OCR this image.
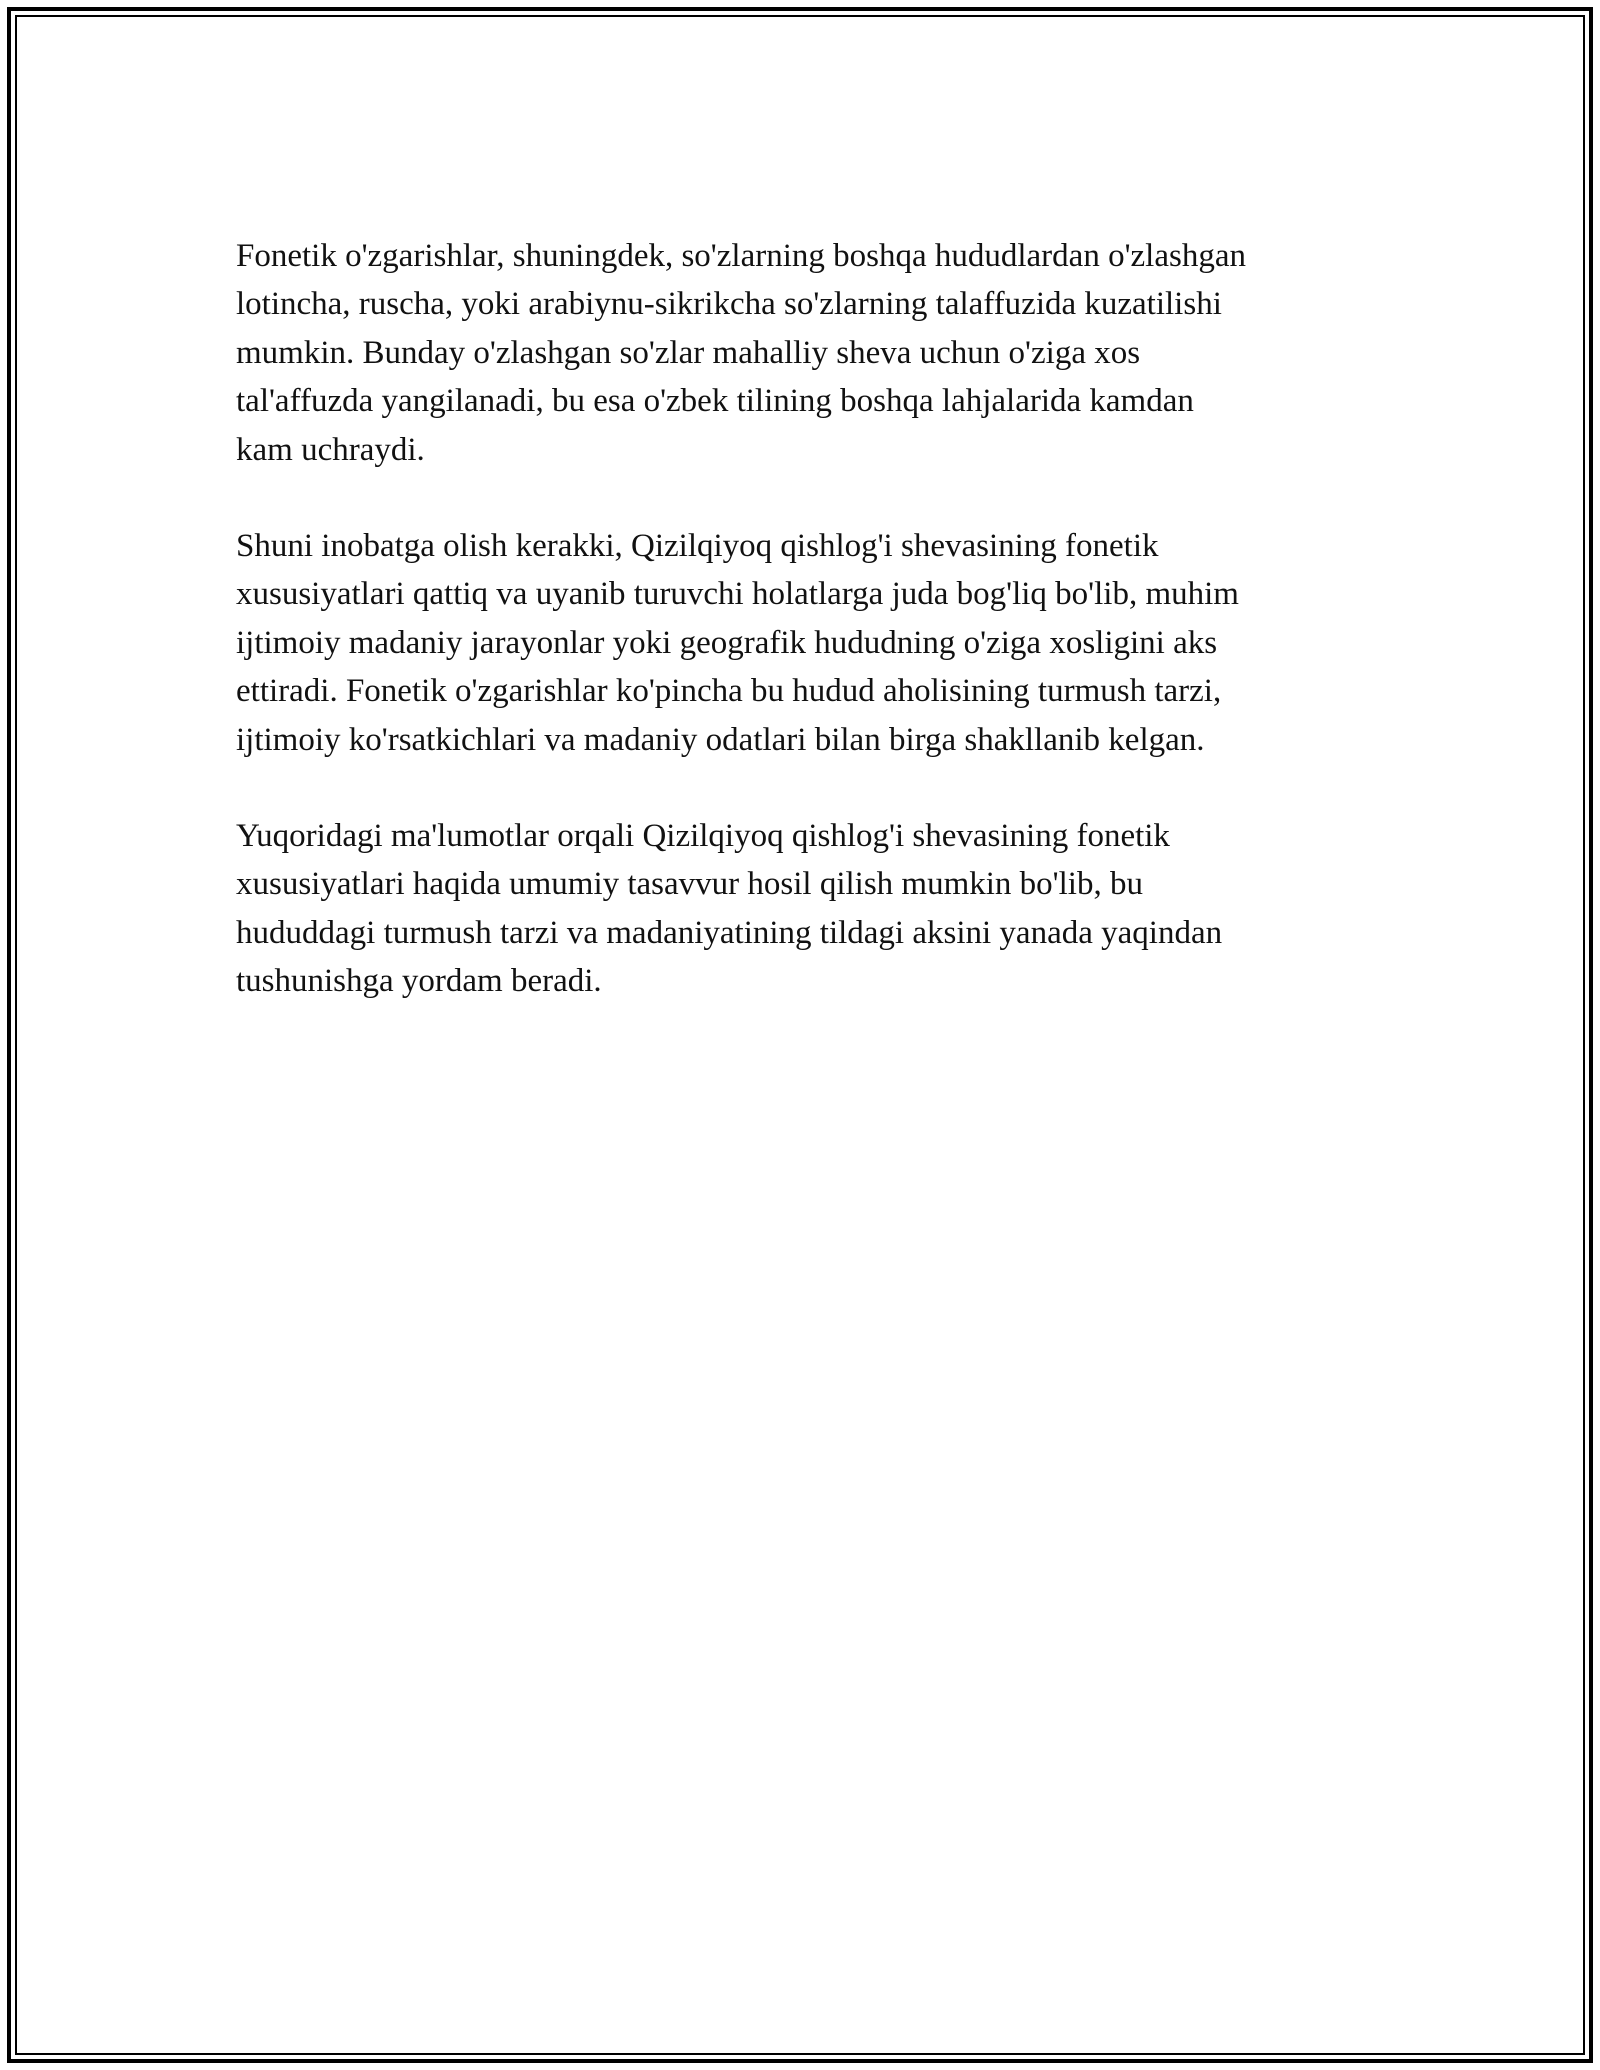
Fonetik o'zgarishlar, shuningdek, so'zlarning boshqa hududlardan o'zlashgan
lotincha, ruscha, yoki arabiynu-sikrikcha so'zlarning talaffuzida kuzatilishi
mumkin. Bunday o'zlashgan so'zlar mahalliy sheva uchun o'ziga xos
tal'affuzda yangilanadi, bu esa o'zbek tilining boshqa lahjalarida kamdan
kam uchraydi.

Shuni inobatga olish kerakki, Qizilqiyoq qishlog'i shevasining fonetik
xususiyatlari qattiq va uyanib turuvchi holatlarga juda bog'liq bo'lib, muhim
ijtimoiy madaniy jarayonlar yoki geografik hududning o'ziga xosligini aks
ettiradi. Fonetik o'zgarishlar ko'pincha bu hudud aholisining turmush tarzi,
ijtimoiy ko'rsatkichlari va madaniy odatlari bilan birga shakllanib kelgan.

Yuqoridagi ma'lumotlar orqali Qizilqiyoq qishlog'i shevasining fonetik
xususiyatlari haqida umumiy tasavvur hosil qilish mumkin bo'lib, bu
hududdagi turmush tarzi va madaniyatining tildagi aksini yanada yaqindan
tushunishga yordam beradi.
